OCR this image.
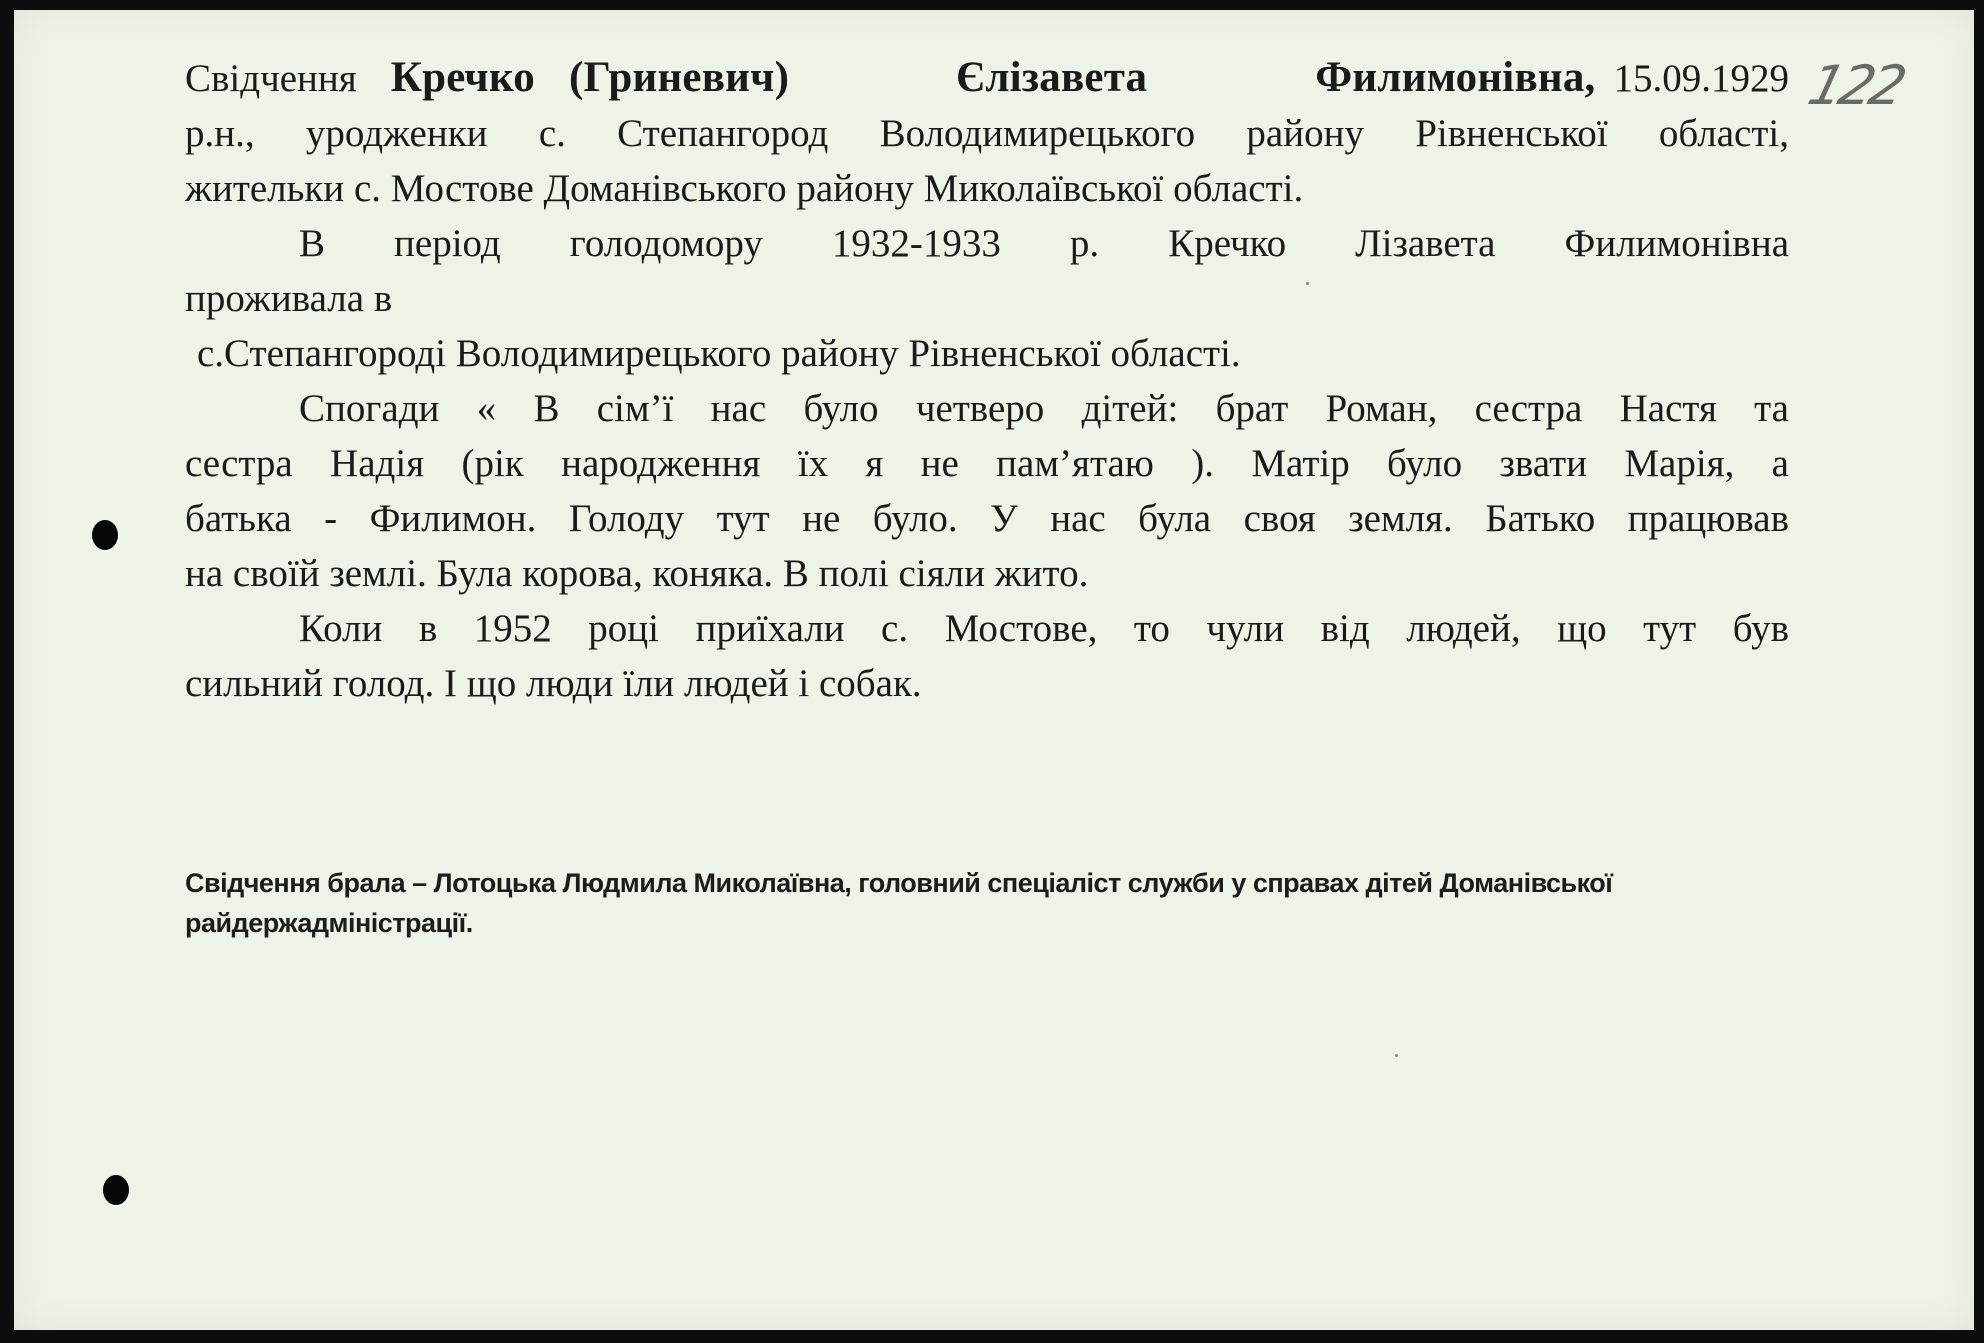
122

Свідчення Кречко (Гриневич)	Єлізавета Филимонівна, 15.09.1929

р.н., уродженки с. Степангород Володимирецького району Рівненської області,

жительки с. Мостове Доманівського району Миколаївської області.

В період голодомору 1932-1933 р. Кречко Лізавета Филимонівна

проживала в

с.Степангороді Володимирецького району Рівненської області.

Спогади « В сім’ї нас було четверо дітей: брат Роман, сестра Настя та

сестра Надія (рік народження їх я не пам’ятаю ). Матір було звати Марія, а

батька - Филимон. Голоду тут не було. У нас була своя земля. Батько працював

на своїй землі. Була корова, коняка. В полі сіяли жито.

Коли в 1952 році приїхали с. Мостове, то чули від людей, що тут був

сильний голод. І що люди їли людей і собак.

Свідчення брала – Лотоцька Людмила Миколаївна, головний спеціаліст служби у справах дітей Доманівської
райдержадміністрації.
